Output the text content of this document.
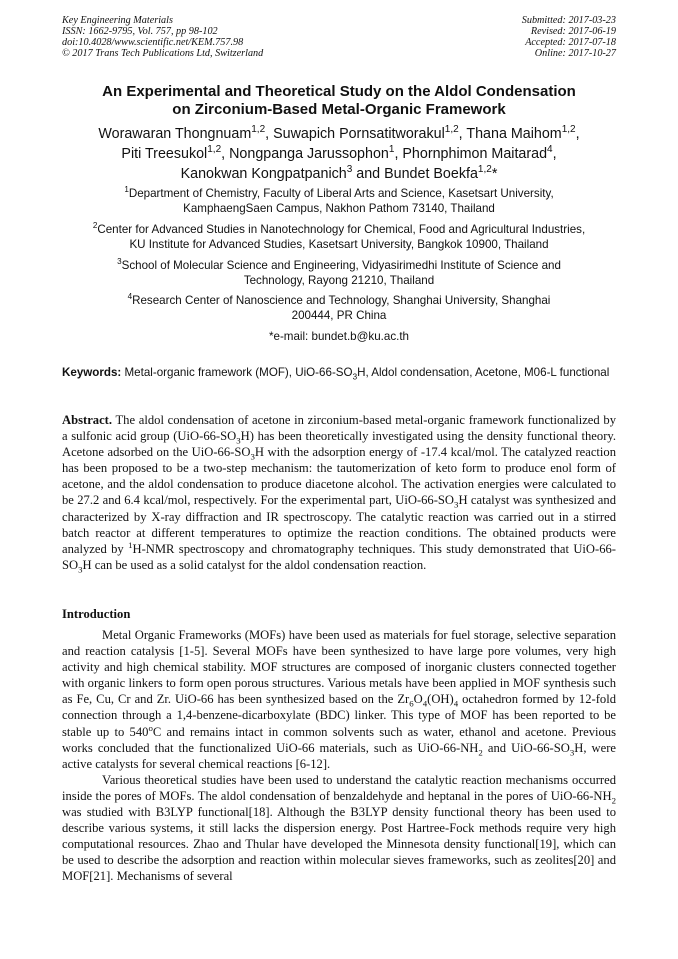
Key Engineering Materials
ISSN: 1662-9795, Vol. 757, pp 98-102
doi:10.4028/www.scientific.net/KEM.757.98
© 2017 Trans Tech Publications Ltd, Switzerland
Submitted: 2017-03-23
Revised: 2017-06-19
Accepted: 2017-07-18
Online: 2017-10-27
An Experimental and Theoretical Study on the Aldol Condensation
on Zirconium-Based Metal-Organic Framework
Worawaran Thongnuam$^{1,2}$, Suwapich Pornsatitworakul$^{1,2}$, Thana Maihom$^{1,2}$,
Piti Treesukol$^{1,2}$, Nongpanga Jarussophon$^1$, Phornphimon Maitarad$^4$,
Kanokwan Kongpatpanich$^3$ and Bundet Boekfa$^{1,2}$*
$^1$Department of Chemistry, Faculty of Liberal Arts and Science, Kasetsart University,
KamphaengSaen Campus, Nakhon Pathom 73140, Thailand
$^2$Center for Advanced Studies in Nanotechnology for Chemical, Food and Agricultural Industries,
KU Institute for Advanced Studies, Kasetsart University, Bangkok 10900, Thailand
$^3$School of Molecular Science and Engineering, Vidyasirimedhi Institute of Science and
Technology, Rayong 21210, Thailand
$^4$Research Center of Nanoscience and Technology, Shanghai University, Shanghai
200444, PR China
*e-mail: bundet.b@ku.ac.th
Keywords: Metal-organic framework (MOF), UiO-$66-SO_3H$, Aldol condensation, Acetone, M06-L functional
Abstract. The aldol condensation of acetone in zirconium-based metal-organic framework functionalized by a sulfonic acid group $(UiO-66-SO_3H)$ has been theoretically investigated using the density functional theory. Acetone adsorbed on the UiO-$66-SO_3H$ with the adsorption energy of -17.4 kcal/mol. The catalyzed reaction has been proposed to be a two-step mechanism: the tautomerization of keto form to produce enol form of acetone, and the aldol condensation to produce diacetone alcohol. The activation energies were calculated to be 27.2 and 6.4 kcal/mol, respectively. For the experimental part, UiO-$66-SO_3H$ catalyst was synthesized and characterized by X-ray diffraction and IR spectroscopy. The catalytic reaction was carried out in a stirred batch reactor at different temperatures to optimize the reaction conditions. The obtained products were analyzed by $^1$H-NMR spectroscopy and chromatography techniques. This study demonstrated that UiO-$66-SO_3H$ can be used as a solid catalyst for the aldol condensation reaction.
Introduction

Metal Organic Frameworks (MOFs) have been used as materials for fuel storage, selective separation and reaction catalysis [1-5]. Several MOFs have been synthesized to have large pore volumes, very high activity and high chemical stability. MOF structures are composed of inorganic clusters connected together with organic linkers to form open porous structures. Various metals have been applied in MOF synthesis such as Fe, Cu, Cr and Zr. UiO-66 has been synthesized based on the $Zr_6O_4(OH)_4$ octahedron formed by 12-fold connection through a 1,4-benzene-dicarboxylate (BDC) linker. This type of MOF has been reported to be stable up to 540$^o$C and remains intact in common solvents such as water, ethanol and acetone. Previous works concluded that the functionalized UiO-66 materials, such as UiO-$66-NH_2$ and UiO-$66-SO_3H$, were active catalysts for several chemical reactions [6-12].

Various theoretical studies have been used to understand the catalytic reaction mechanisms occurred inside the pores of MOFs. The aldol condensation of benzaldehyde and heptanal in the pores of UiO-$66-NH_2$ was studied with B3LYP functional[18]. Although the B3LYP density functional theory has been used to describe various systems, it still lacks the dispersion energy. Post Hartree-Fock methods require very high computational resources. Zhao and Thular have developed the Minnesota density functional[19], which can be used to describe the adsorption and reaction within molecular sieves frameworks, such as zeolites[20] and MOF[21]. Mechanisms of several
